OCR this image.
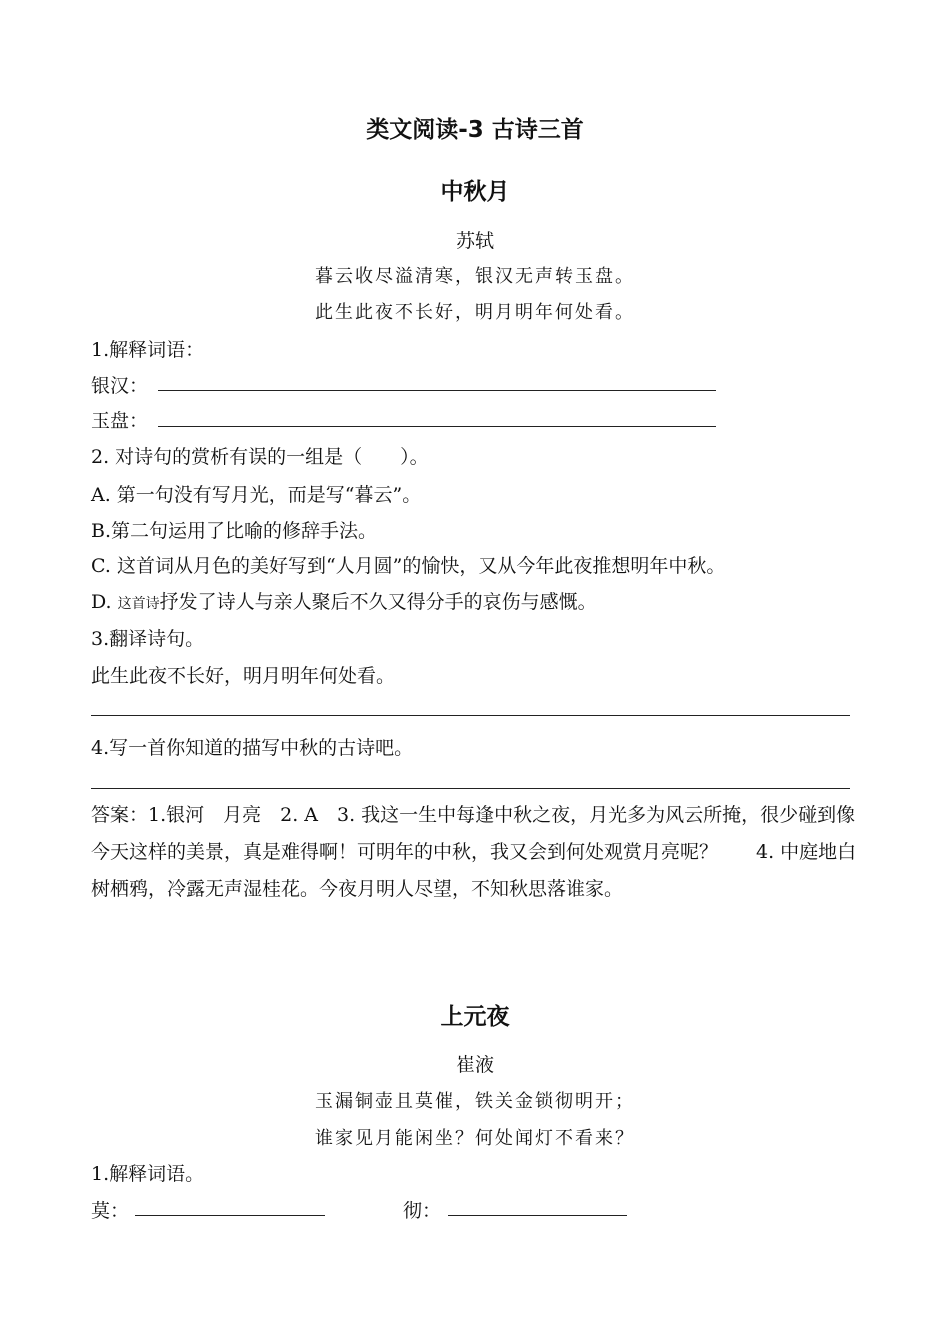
类文阅读-3 古诗三首
中秋月
苏轼
暮云收尽溢清寒，银汉无声转玉盘。
此生此夜不长好，明月明年何处看。
1.解释词语：
银汉：
玉盘：
2. 对诗句的赏析有误的一组是（　　）。
A. 第一句没有写月光，而是写“暮云”。
B.第二句运用了比喻的修辞手法。
C. 这首词从月色的美好写到“人月圆”的愉快，又从今年此夜推想明年中秋。
D. 这首诗抒发了诗人与亲人聚后不久又得分手的哀伤与感慨。
3.翻译诗句。
此生此夜不长好，明月明年何处看。
4.写一首你知道的描写中秋的古诗吧。
答案：1.银河　月亮　2. A　3. 我这一生中每逢中秋之夜，月光多为风云所掩，很少碰到像今天这样的美景，真是难得啊！可明年的中秋，我又会到何处观赏月亮呢？　　4. 中庭地白树栖鸦，冷露无声湿桂花。今夜月明人尽望，不知秋思落谁家。
上元夜
崔液
玉漏铜壶且莫催，铁关金锁彻明开；
谁家见月能闲坐？何处闻灯不看来？
1.解释词语。
莫：	彻：
